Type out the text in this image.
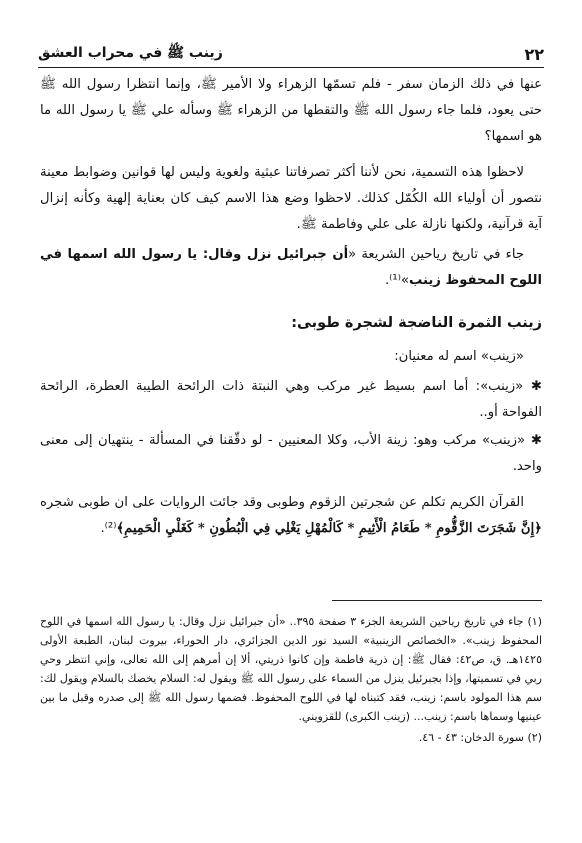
٢٢
زينب ﷺ في محراب العشق

عنها في ذلك الزمان سفر - فلم تسمّها الزهراء ولا الأمير ﷺ، وإنما انتظرا رسول الله ﷺ حتى يعود، فلما جاء رسول الله ﷺ والتقطها من الزهراء ﷺ وسأله علي ﷺ يا رسول الله ما هو اسمها؟

لاحظوا هذه التسمية، نحن لأننا أكثر تصرفاتنا عبثية ولغوية وليس لها قوانين وضوابط معينة نتصور أن أولياء الله الكُمّل كذلك. لاحظوا وضع هذا الاسم كيف كان بعناية إلهية وكأنه إنزال آية قرآنية، ولكنها نازلة على علي وفاطمة ﷺ.

جاء في تاريخ رياحين الشريعة «أن جبرائيل نزل وقال: يا رسول الله اسمها في اللوح المحفوظ زينب»⁽¹⁾.

زينب الثمرة الناضجة لشجرة طوبى:

«زينب» اسم له معنيان:

✱ «زينب»: أما اسم بسيط غير مركب وهي النبتة ذات الرائحة الطيبة العطرة، الرائحة الفواحة أو..

✱ «زينب» مركب وهو: زينة الأب، وكلا المعنيين - لو دقّقنا في المسألة - ينتهيان إلى معنى واحد.

القرآن الكريم تكلم عن شجرتين الزقوم وطوبى وقد جائت الروايات على ان طوبى شجره ﴿إِنَّ شَجَرَتَ الزَّقُّومِ * طَعَامُ الْأَثِيمِ * كَالْمُهْلِ يَغْلِي فِي الْبُطُونِ * كَغَلْيِ الْحَمِيمِ﴾⁽²⁾.

(١) جاء في تاريخ رياحين الشريعة الجزء ٣ صفحة ٣٩٥.. «أن جبرائيل نزل وقال: يا رسول الله اسمها في اللوح المحفوظ زينب». «الخصائص الزينبية» السيد نور الدين الجزائري، دار الحوراء، بيروت لبنان، الطبعة الأولى ١٤٢٥هـ. ق، ص٤٢: فقال ﷺ: إن ذرية فاطمة وإن كانوا ذريتي، ألا إن أمرهم إلى الله تعالى، وإني انتظر وحي ربي في تسميتها، وإذا بجبرئيل ينزل من السماء على رسول الله ﷺ ويقول له: السلام يخصك بالسلام ويقول لك: سم هذا المولود باسم: زينب، فقد كتبناه لها في اللوح المحفوظ. فضمها رسول الله ﷺ إلى صدره وقبل ما بين عينيها وسماها باسم: زينب... (زينب الكبرى) للقزويني.

(٢) سورة الدخان: ٤٣ - ٤٦.
